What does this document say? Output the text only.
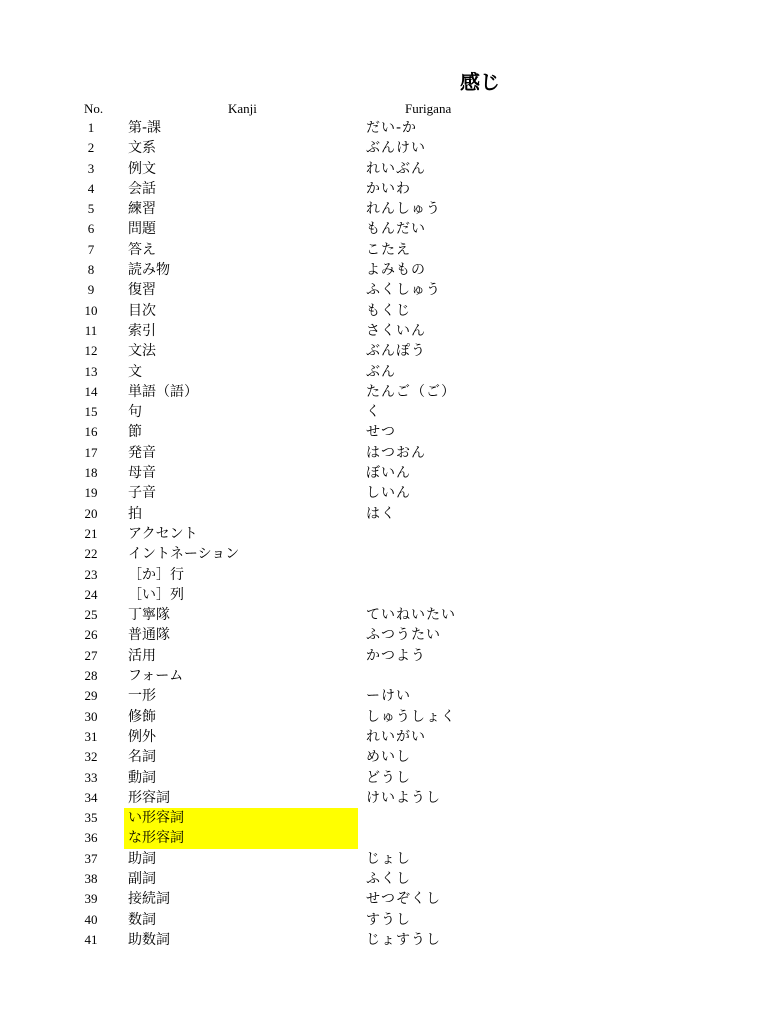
感じ
No.	Kanji	Furigana
1	第-課	だい-か
2	文系	ぶんけい
3	例文	れいぶん
4	会話	かいわ
5	練習	れんしゅう
6	問題	もんだい
7	答え	こたえ
8	読み物	よみもの
9	復習	ふくしゅう
10	目次	もくじ
11	索引	さくいん
12	文法	ぶんぽう
13	文	ぶん
14	単語（語）	たんご（ご）
15	句	く
16	節	せつ
17	発音	はつおん
18	母音	ぼいん
19	子音	しいん
20	拍	はく
21	アクセント
22	イントネーション
23	［か］行
24	［い］列
25	丁寧隊	ていねいたい
26	普通隊	ふつうたい
27	活用	かつよう
28	フォーム
29	一形	ーけい
30	修飾	しゅうしょく
31	例外	れいがい
32	名詞	めいし
33	動詞	どうし
34	形容詞	けいようし
35	い形容詞
36	な形容詞
37	助詞	じょし
38	副詞	ふくし
39	接続詞	せつぞくし
40	数詞	すうし
41	助数詞	じょすうし
